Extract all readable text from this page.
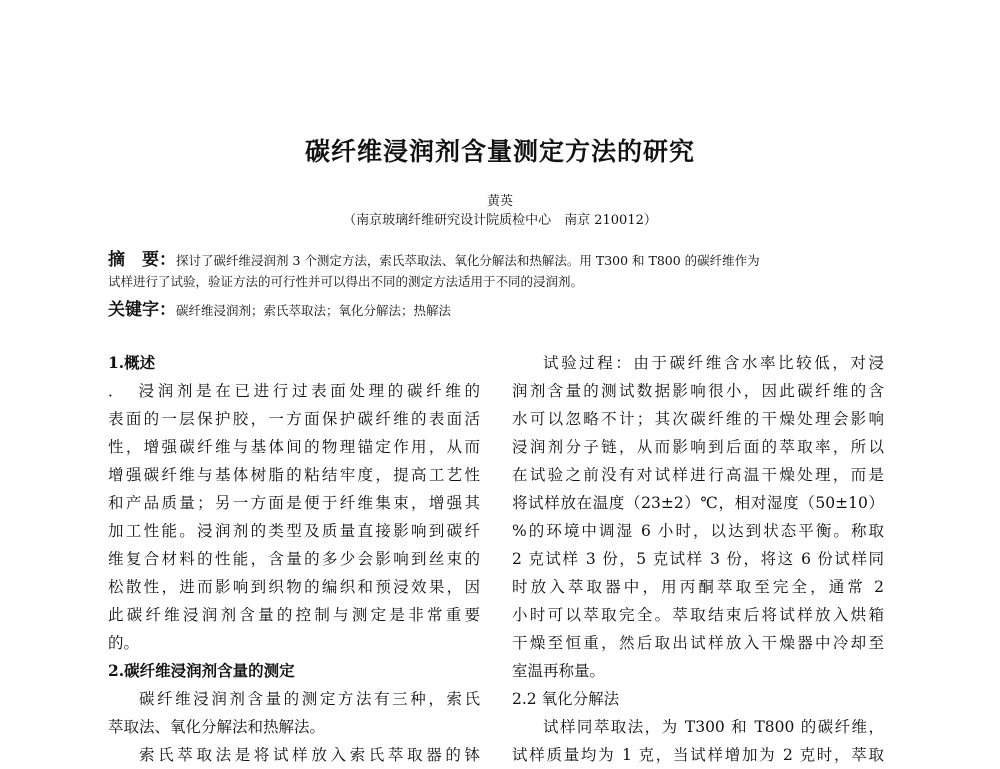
碳纤维浸润剂含量测定方法的研究
黄英
（南京玻璃纤维研究设计院质检中心　南京 210012）
摘　要：探讨了碳纤维浸润剂 3 个测定方法，索氏萃取法、氧化分解法和热解法。用 T300 和 T800 的碳纤维作为
试样进行了试验，验证方法的可行性并可以得出不同的测定方法适用于不同的浸润剂。
关键字：碳纤维浸润剂；索氏萃取法；氧化分解法；热解法
1.概述
．　浸润剂是在已进行过表面处理的碳纤维的
表面的一层保护胶，一方面保护碳纤维的表面活
性，增强碳纤维与基体间的物理锚定作用，从而
增强碳纤维与基体树脂的粘结牢度，提高工艺性
和产品质量；另一方面是便于纤维集束，增强其
加工性能。浸润剂的类型及质量直接影响到碳纤
维复合材料的性能，含量的多少会影响到丝束的
松散性，进而影响到织物的编织和预浸效果，因
此碳纤维浸润剂含量的控制与测定是非常重要
的。
2.碳纤维浸润剂含量的测定
碳纤维浸润剂含量的测定方法有三种，索氏
萃取法、氧化分解法和热解法。
索氏萃取法是将试样放入索氏萃取器的钵
试验过程：由于碳纤维含水率比较低，对浸
润剂含量的测试数据影响很小，因此碳纤维的含
水可以忽略不计；其次碳纤维的干燥处理会影响
浸润剂分子链，从而影响到后面的萃取率，所以
在试验之前没有对试样进行高温干燥处理，而是
将试样放在温度（23±2）℃，相对湿度（50±10）
%的环境中调湿 6 小时，以达到状态平衡。称取
2 克试样 3 份，5 克试样 3 份，将这 6 份试样同
时放入萃取器中，用丙酮萃取至完全，通常 2
小时可以萃取完全。萃取结束后将试样放入烘箱
干燥至恒重，然后取出试样放入干燥器中冷却至
室温再称量。
2.2 氧化分解法
试样同萃取法，为 T300 和 T800 的碳纤维，
试样质量均为 1 克，当试样增加为 2 克时，萃取
